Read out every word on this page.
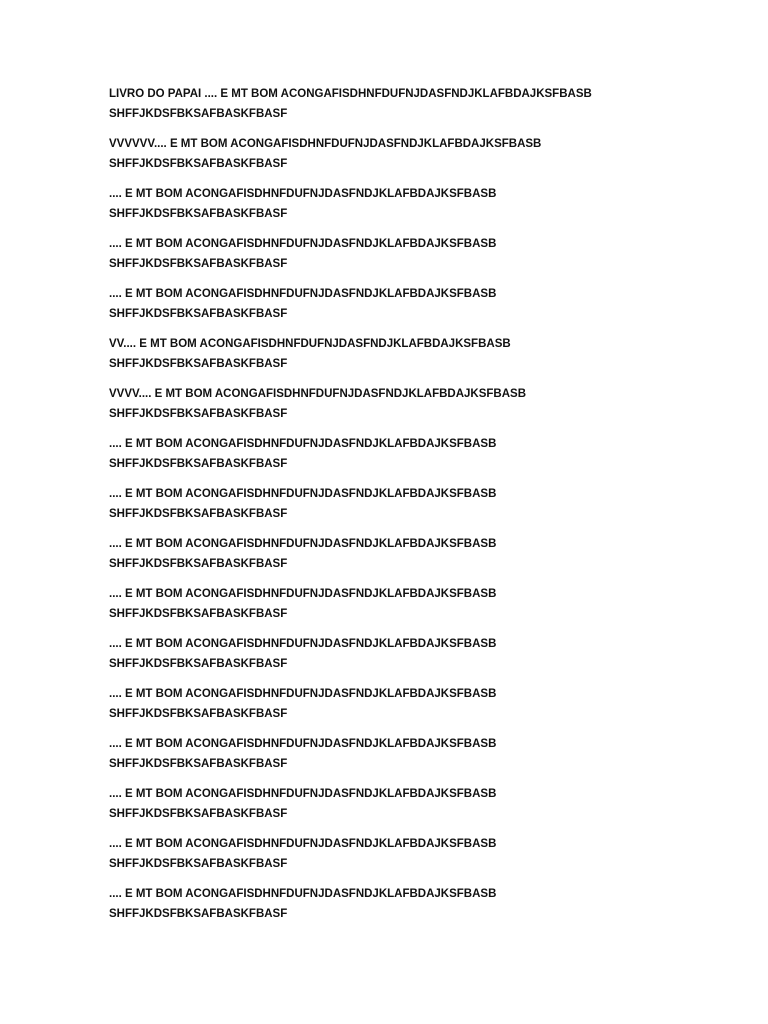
LIVRO DO PAPAI .... E MT BOM ACONGAFISDHNFDUFNJDASFNDJKLAFBDAJKSFBASB
SHFFJKDSFBKSAFBASKFBASF

VVVVVV.... E MT BOM ACONGAFISDHNFDUFNJDASFNDJKLAFBDAJKSFBASB
SHFFJKDSFBKSAFBASKFBASF

.... E MT BOM ACONGAFISDHNFDUFNJDASFNDJKLAFBDAJKSFBASB
SHFFJKDSFBKSAFBASKFBASF

.... E MT BOM ACONGAFISDHNFDUFNJDASFNDJKLAFBDAJKSFBASB
SHFFJKDSFBKSAFBASKFBASF

.... E MT BOM ACONGAFISDHNFDUFNJDASFNDJKLAFBDAJKSFBASB
SHFFJKDSFBKSAFBASKFBASF

VV.... E MT BOM ACONGAFISDHNFDUFNJDASFNDJKLAFBDAJKSFBASB
SHFFJKDSFBKSAFBASKFBASF

VVVV.... E MT BOM ACONGAFISDHNFDUFNJDASFNDJKLAFBDAJKSFBASB
SHFFJKDSFBKSAFBASKFBASF

.... E MT BOM ACONGAFISDHNFDUFNJDASFNDJKLAFBDAJKSFBASB
SHFFJKDSFBKSAFBASKFBASF

.... E MT BOM ACONGAFISDHNFDUFNJDASFNDJKLAFBDAJKSFBASB
SHFFJKDSFBKSAFBASKFBASF

.... E MT BOM ACONGAFISDHNFDUFNJDASFNDJKLAFBDAJKSFBASB
SHFFJKDSFBKSAFBASKFBASF

.... E MT BOM ACONGAFISDHNFDUFNJDASFNDJKLAFBDAJKSFBASB
SHFFJKDSFBKSAFBASKFBASF

.... E MT BOM ACONGAFISDHNFDUFNJDASFNDJKLAFBDAJKSFBASB
SHFFJKDSFBKSAFBASKFBASF

.... E MT BOM ACONGAFISDHNFDUFNJDASFNDJKLAFBDAJKSFBASB
SHFFJKDSFBKSAFBASKFBASF

.... E MT BOM ACONGAFISDHNFDUFNJDASFNDJKLAFBDAJKSFBASB
SHFFJKDSFBKSAFBASKFBASF

.... E MT BOM ACONGAFISDHNFDUFNJDASFNDJKLAFBDAJKSFBASB
SHFFJKDSFBKSAFBASKFBASF

.... E MT BOM ACONGAFISDHNFDUFNJDASFNDJKLAFBDAJKSFBASB
SHFFJKDSFBKSAFBASKFBASF

.... E MT BOM ACONGAFISDHNFDUFNJDASFNDJKLAFBDAJKSFBASB
SHFFJKDSFBKSAFBASKFBASF
